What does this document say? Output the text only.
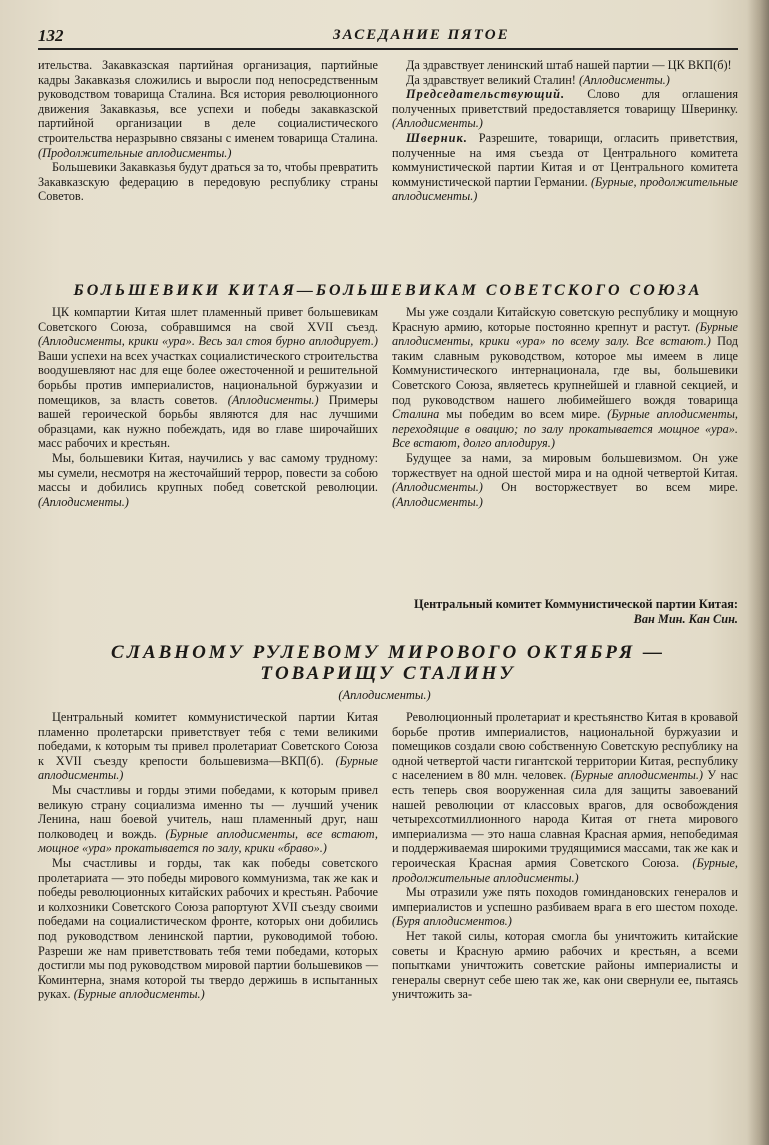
132	ЗАСЕДАНИЕ ПЯТОЕ

ительства. Закавказская партийная организация, партийные кадры Закавказья сложились и выросли под непосредственным руководством товарища Сталина. Вся история революционного движения Закавказья, все успехи и победы закавказской партийной организации в деле социалистического строительства неразрывно связаны с именем товарища Сталина. (Продолжительные аплодисменты.)

Большевики Закавказья будут драться за то, чтобы превратить Закавказскую федерацию в передовую республику страны Советов.

Да здравствует ленинский штаб нашей партии — ЦК ВКП(б)!

Да здравствует великий Сталин! (Аплодисменты.)

Председательствующий. Слово для оглашения полученных приветствий предоставляется товарищу Шверинку. (Аплодисменты.)

Шверник. Разрешите, товарищи, огласить приветствия, полученные на имя съезда от Центрального комитета коммунистической партии Китая и от Центрального комитета коммунистической партии Германии. (Бурные, продолжительные аплодисменты.)

БОЛЬШЕВИКИ КИТАЯ—БОЛЬШЕВИКАМ СОВЕТСКОГО СОЮЗА

ЦК компартии Китая шлет пламенный привет большевикам Советского Союза, собравшимся на свой XVII съезд. (Аплодисменты, крики «ура». Весь зал стоя бурно аплодирует.) Ваши успехи на всех участках социалистического строительства воодушевляют нас для еще более ожесточенной и решительной борьбы против империалистов, национальной буржуазии и помещиков, за власть советов. (Аплодисменты.) Примеры вашей героической борьбы являются для нас лучшими образцами, как нужно побеждать, идя во главе широчайших масс рабочих и крестьян.

Мы, большевики Китая, научились у вас самому трудному: мы сумели, несмотря на жесточайший террор, повести за собою массы и добились крупных побед советской революции. (Аплодисменты.)

Мы уже создали Китайскую советскую республику и мощную Красную армию, которые постоянно крепнут и растут. (Бурные аплодисменты, крики «ура» по всему залу. Все встают.) Под таким славным руководством, которое мы имеем в лице Коммунистического интернационала, где вы, большевики Советского Союза, являетесь крупнейшей и главной секцией, и под руководством нашего любимейшего вождя товарища Сталина мы победим во всем мире. (Бурные аплодисменты, переходящие в овацию; по залу прокатывается мощное «ура». Все встают, долго аплодируя.)

Будущее за нами, за мировым большевизмом. Он уже торжествует на одной шестой мира и на одной четвертой Китая. (Аплодисменты.) Он восторжествует во всем мире. (Аплодисменты.)

Центральный комитет Коммунистической партии Китая:
Ван Мин. Кан Син.
СЛАВНОМУ РУЛЕВОМУ МИРОВОГО ОКТЯБРЯ —
ТОВАРИЩУ СТАЛИНУ
(Аплодисменты.)

Центральный комитет коммунистической партии Китая пламенно пролетарски приветствует тебя с теми великими победами, к которым ты привел пролетариат Советского Союза к XVII съезду крепости большевизма—ВКП(б). (Бурные аплодисменты.)

Мы счастливы и горды этими победами, к которым привел великую страну социализма именно ты — лучший ученик Ленина, наш боевой учитель, наш пламенный друг, наш полководец и вождь. (Бурные аплодисменты, все встают, мощное «ура» прокатывается по залу, крики «браво».)

Мы счастливы и горды, так как победы советского пролетариата — это победы мирового коммунизма, так же как и победы революционных китайских рабочих и крестьян. Рабочие и колхозники Советского Союза рапортуют XVII съезду своими победами на социалистическом фронте, которых они добились под руководством ленинской партии, руководимой тобою. Разреши же нам приветствовать тебя теми победами, которых достигли мы под руководством мировой партии большевиков — Коминтерна, знамя которой ты твердо держишь в испытанных руках. (Бурные аплодисменты.)

Революционный пролетариат и крестьянство Китая в кровавой борьбе против империалистов, национальной буржуазии и помещиков создали свою собственную Советскую республику на одной четвертой части гигантской территории Китая, республику с населением в 80 млн. человек. (Бурные аплодисменты.) У нас есть теперь своя вооруженная сила для защиты завоеваний нашей революции от классовых врагов, для освобождения четырехсотмиллионного народа Китая от гнета мирового империализма — это наша славная Красная армия, непобедимая и поддерживаемая широкими трудящимися массами, так же как и героическая Красная армия Советского Союза. (Бурные, продолжительные аплодисменты.)

Мы отразили уже пять походов гоминдановских генералов и империалистов и успешно разбиваем врага в его шестом походе. (Буря аплодисментов.)

Нет такой силы, которая смогла бы уничтожить китайские советы и Красную армию рабочих и крестьян, а всеми попытками уничтожить советские районы империалисты и генералы свернут себе шею так же, как они свернули ее, пытаясь уничтожить за-
